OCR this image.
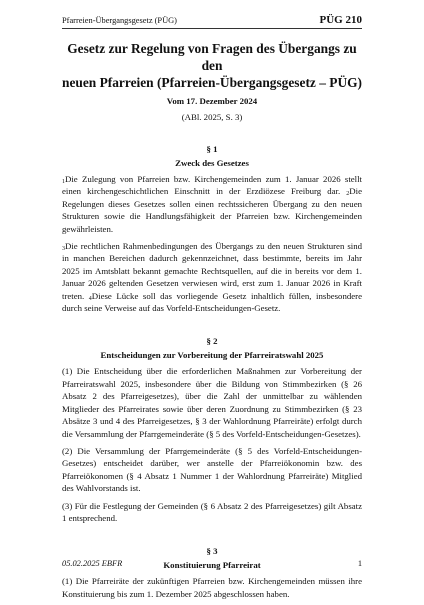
Pfarreien-Übergangsgesetz (PÜG)	PÜG 210
Gesetz zur Regelung von Fragen des Übergangs zu den
neuen Pfarreien (Pfarreien-Übergangsgesetz – PÜG)
Vom 17. Dezember 2024
(ABl. 2025, S. 3)
§ 1
Zweck des Gesetzes

$_1$Die Zulegung von Pfarreien bzw. Kirchengemeinden zum 1. Januar 2026 stellt einen kirchengeschichtlichen Einschnitt in der Erzdiözese Freiburg dar. $_2$Die Regelungen dieses Gesetzes sollen einen rechtssicheren Übergang zu den neuen Strukturen sowie die Handlungsfähigkeit der Pfarreien bzw. Kirchengemeinden gewährleisten.

$_3$Die rechtlichen Rahmenbedingungen des Übergangs zu den neuen Strukturen sind in manchen Bereichen dadurch gekennzeichnet, dass bestimmte, bereits im Jahr 2025 im Amtsblatt bekannt gemachte Rechtsquellen, auf die in bereits vor dem 1. Januar 2026 geltenden Gesetzen verwiesen wird, erst zum 1. Januar 2026 in Kraft treten. $_4$Diese Lücke soll das vorliegende Gesetz inhaltlich füllen, insbesondere durch seine Verweise auf das Vorfeld-Entscheidungen-Gesetz.

§ 2
Entscheidungen zur Vorbereitung der Pfarreiratswahl 2025

(1) Die Entscheidung über die erforderlichen Maßnahmen zur Vorbereitung der Pfarreiratswahl 2025, insbesondere über die Bildung von Stimmbezirken (§ 26 Absatz 2 des Pfarreigesetzes), über die Zahl der unmittelbar zu wählenden Mitglieder des Pfarreirates sowie über deren Zuordnung zu Stimmbezirken (§ 23 Absätze 3 und 4 des Pfarreigesetzes, § 3 der Wahlordnung Pfarreiräte) erfolgt durch die Versammlung der Pfarrgemeinderäte (§ 5 des Vorfeld-Entscheidungen-Gesetzes).

(2) Die Versammlung der Pfarrgemeinderäte (§ 5 des Vorfeld-Entscheidungen-Gesetzes) entscheidet darüber, wer anstelle der Pfarreiökonomin bzw. des Pfarreiökonomen (§ 4 Absatz 1 Nummer 1 der Wahlordnung Pfarreiräte) Mitglied des Wahlvorstands ist.

(3) Für die Festlegung der Gemeinden (§ 6 Absatz 2 des Pfarreigesetzes) gilt Absatz 1 entsprechend.

§ 3
Konstituierung Pfarreirat

(1) Die Pfarreiräte der zukünftigen Pfarreien bzw. Kirchengemeinden müssen ihre Konstituierung bis zum 1. Dezember 2025 abgeschlossen haben.

05.02.2025 EBFR	1
